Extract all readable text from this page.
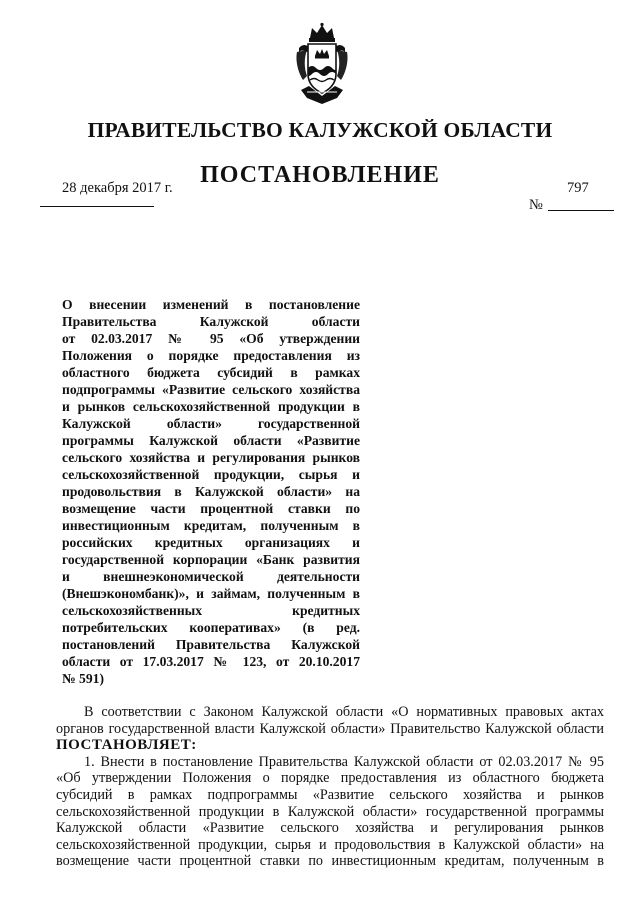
ПРАВИТЕЛЬСТВО КАЛУЖСКОЙ ОБЛАСТИ
ПОСТАНОВЛЕНИЕ
28 декабря 2017 г.	797
№
О внесении изменений в постановление
Правительства Калужской области
от 02.03.2017 № 95 «Об утверждении
Положения о порядке предоставления из
областного бюджета субсидий в рамках
подпрограммы «Развитие сельского хозяйства
и рынков сельскохозяйственной продукции в
Калужской области» государственной
программы Калужской области «Развитие
сельского хозяйства и регулирования рынков
сельскохозяйственной продукции, сырья и
продовольствия в Калужской области» на
возмещение части процентной ставки по
инвестиционным кредитам, полученным в
российских кредитных организациях и
государственной корпорации «Банк развития
и внешнеэкономической деятельности
(Внешэкономбанк)», и займам, полученным в
сельскохозяйственных кредитных
потребительских кооперативах» (в ред.
постановлений Правительства Калужской
области от 17.03.2017 № 123, от 20.10.2017
№ 591)
В соответствии с Законом Калужской области «О нормативных правовых актах
органов государственной власти Калужской области» Правительство Калужской области
ПОСТАНОВЛЯЕТ:
1. Внести в постановление Правительства Калужской области от 02.03.2017 № 95
«Об утверждении Положения о порядке предоставления из областного бюджета
субсидий в рамках подпрограммы «Развитие сельского хозяйства и рынков
сельскохозяйственной продукции в Калужской области» государственной программы
Калужской области «Развитие сельского хозяйства и регулирования рынков
сельскохозяйственной продукции, сырья и продовольствия в Калужской области» на
возмещение части процентной ставки по инвестиционным кредитам, полученным в
